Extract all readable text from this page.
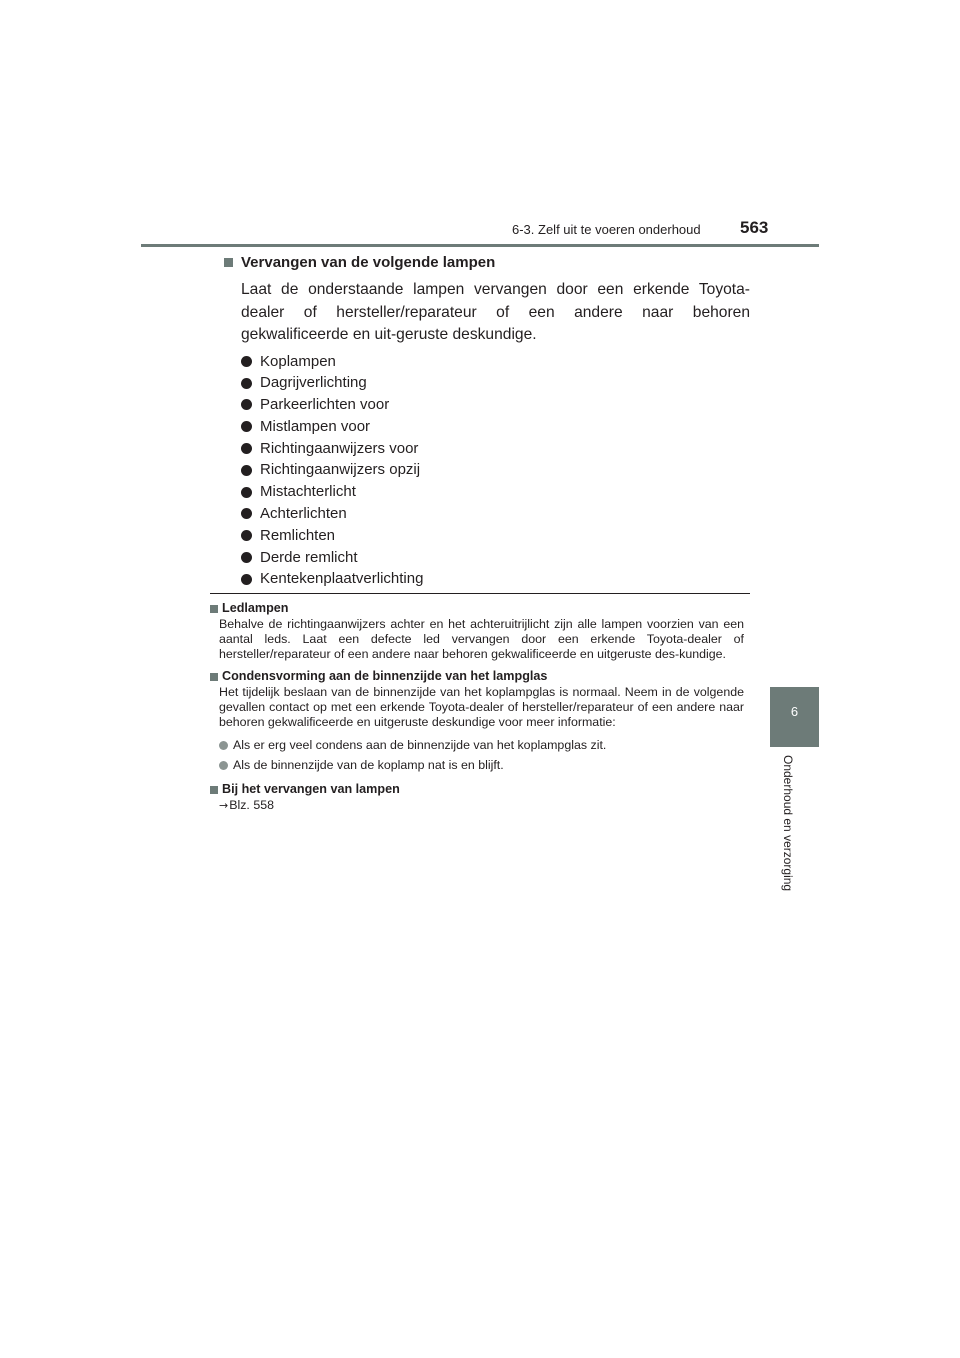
6-3. Zelf uit te voeren onderhoud 563
6
Onderhoud en verzorging
Vervangen van de volgende lampen

Laat de onderstaande lampen vervangen door een erkende Toyota-dealer of hersteller/reparateur of een andere naar behoren gekwalificeerde en uit-geruste deskundige.

Koplampen
Dagrijverlichting
Parkeerlichten voor
Mistlampen voor
Richtingaanwijzers voor
Richtingaanwijzers opzij
Mistachterlicht
Achterlichten
Remlichten
Derde remlicht
Kentekenplaatverlichting
Ledlampen
Behalve de richtingaanwijzers achter en het achteruitrijlicht zijn alle lampen voorzien van een aantal leds. Laat een defecte led vervangen door een erkende Toyota-dealer of hersteller/reparateur of een andere naar behoren gekwalificeerde en uitgeruste des-kundige.
Condensvorming aan de binnenzijde van het lampglas
Het tijdelijk beslaan van de binnenzijde van het koplampglas is normaal. Neem in de volgende gevallen contact op met een erkende Toyota-dealer of hersteller/reparateur of een andere naar behoren gekwalificeerde en uitgeruste deskundige voor meer informatie:
Als er erg veel condens aan de binnenzijde van het koplampglas zit.
Als de binnenzijde van de koplamp nat is en blijft.
Bij het vervangen van lampen
→Blz. 558
